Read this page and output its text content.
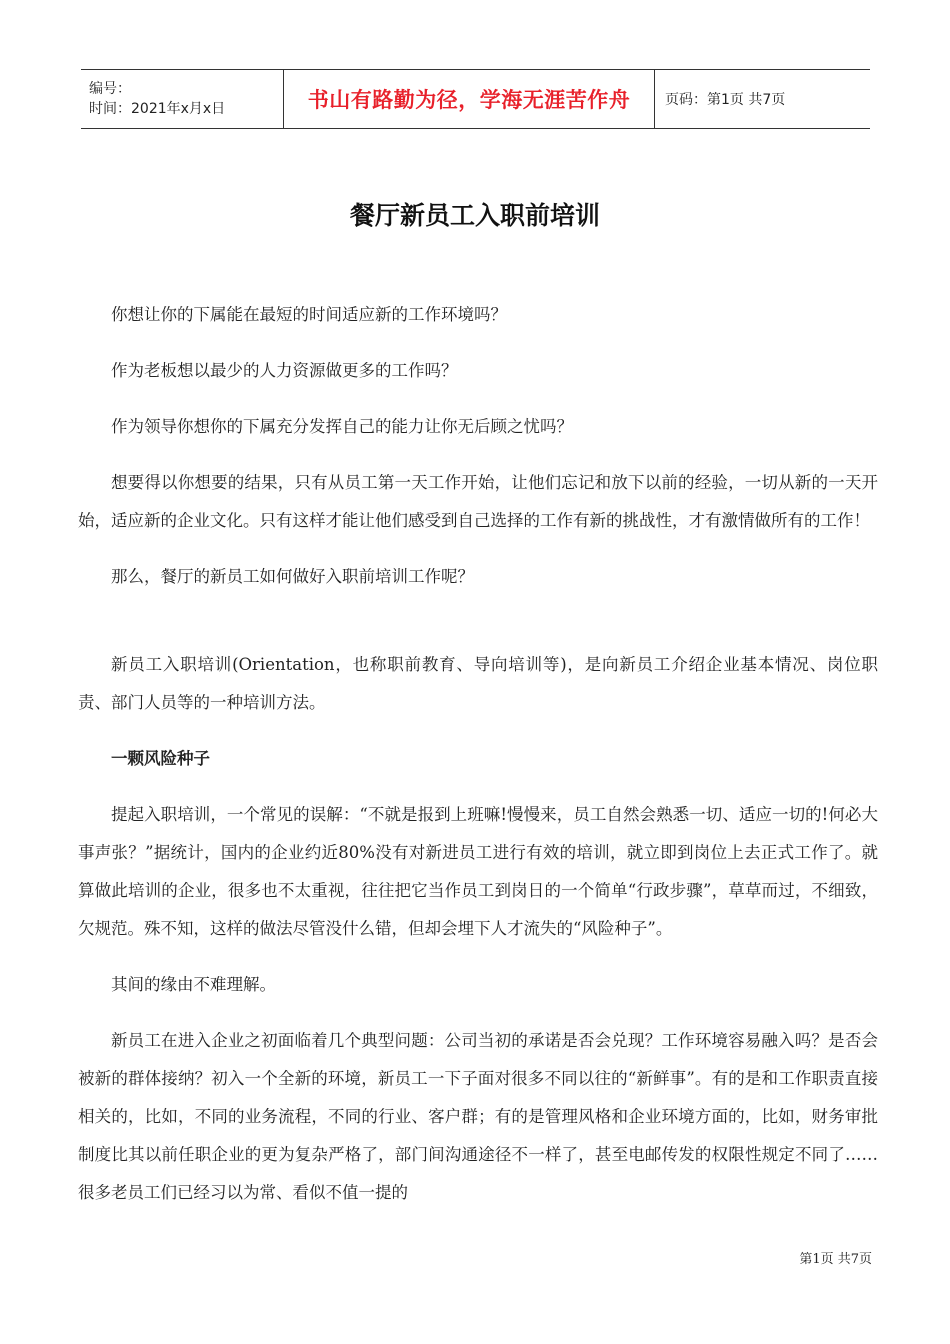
编号：
时间：2021年x月x日	书山有路勤为径，学海无涯苦作舟 页码：第1页 共7页
餐厅新员工入职前培训

你想让你的下属能在最短的时间适应新的工作环境吗？

作为老板想以最少的人力资源做更多的工作吗？

作为领导你想你的下属充分发挥自己的能力让你无后顾之忧吗？

想要得以你想要的结果，只有从员工第一天工作开始，让他们忘记和放下以前的经验，一切从新的一天开始，适应新的企业文化。只有这样才能让他们感受到自己选择的工作有新的挑战性，才有激情做所有的工作！

那么，餐厅的新员工如何做好入职前培训工作呢？

新员工入职培训(Orientation，也称职前教育、导向培训等)，是向新员工介绍企业基本情况、岗位职责、部门人员等的一种培训方法。

一颗风险种子

提起入职培训，一个常见的误解：“不就是报到上班嘛!慢慢来，员工自然会熟悉一切、适应一切的!何必大事声张？”据统计，国内的企业约近80%没有对新进员工进行有效的培训，就立即到岗位上去正式工作了。就算做此培训的企业，很多也不太重视，往往把它当作员工到岗日的一个简单“行政步骤”，草草而过，不细致，欠规范。殊不知，这样的做法尽管没什么错，但却会埋下人才流失的“风险种子”。

其间的缘由不难理解。

新员工在进入企业之初面临着几个典型问题：公司当初的承诺是否会兑现？工作环境容易融入吗？是否会被新的群体接纳？初入一个全新的环境，新员工一下子面对很多不同以往的“新鲜事”。有的是和工作职责直接相关的，比如，不同的业务流程，不同的行业、客户群；有的是管理风格和企业环境方面的，比如，财务审批制度比其以前任职企业的更为复杂严格了，部门间沟通途径不一样了，甚至电邮传发的权限性规定不同了……很多老员工们已经习以为常、看似不值一提的

第1页 共7页
